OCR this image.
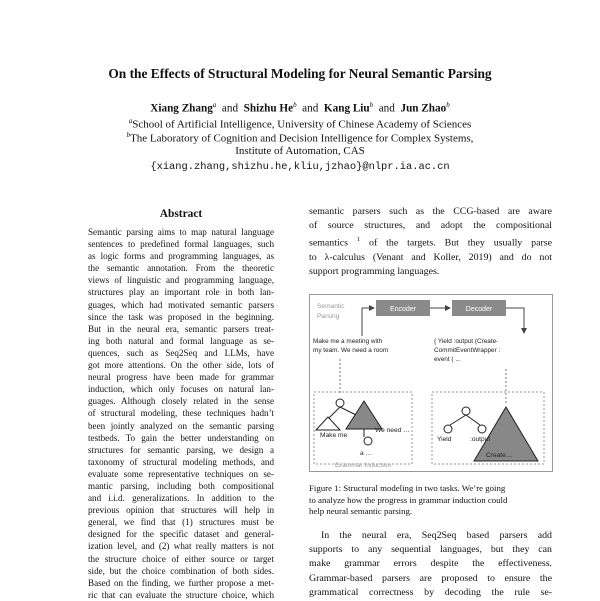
On the Effects of Structural Modeling for Neural Semantic Parsing
Xiang Zhang$^a$ and Shizhu He$^b$ and Kang Liu$^b$ and Jun Zhao$^b$
$^a$School of Artificial Intelligence, University of Chinese Academy of Sciences
$^b$The Laboratory of Cognition and Decision Intelligence for Complex Systems,
Institute of Automation, CAS
{xiang.zhang,shizhu.he,kliu,jzhao}@nlpr.ia.ac.cn
Abstract
Semantic parsing aims to map natural language
sentences to predefined formal languages, such
as logic forms and programming languages, as
the semantic annotation. From the theoretic
views of linguistic and programming language,
structures play an important role in both lan-
guages, which had motivated semantic parsers
since the task was proposed in the beginning.
But in the neural era, semantic parsers treat-
ing both natural and formal language as se-
quences, such as Seq2Seq and LLMs, have
got more attentions. On the other side, lots of
neural progress have been made for grammar
induction, which only focuses on natural lan-
guages. Although closely related in the sense
of structural modeling, these techniques hadn’t
been jointly analyzed on the semantic parsing
testbeds. To gain the better understanding on
structures for semantic parsing, we design a
taxonomy of structural modeling methods, and
evaluate some representative techniques on se-
mantic parsing, including both compositional
and i.i.d. generalizations. In addition to the
previous opinion that structures will help in
general, we find that (1) structures must be
designed for the specific dataset and general-
ization level, and (2) what really matters is not
the structure choice of either source or target
side, but the choice combination of both sides.
Based on the finding, we further propose a met-
ric that can evaluate the structure choice, which
semantic parsers such as the CCG-based are aware
of source structures, and adopt the compositional
semantics $^1$ of the targets. But they usually parse
to λ-calculus (Venant and Koller, 2019) and do not
support programming languages.
Semantic
Parsing
Encoder	Decoder
Make me a meeting with
my team. We need a room
{ Yield :output (Create-
CommitEventWrapper :
event ( ...
Grammar Induction
Make me
We need …
a …
Yield	:output
Create…
Figure 1: Structural modeling in two tasks. We’re going
to analyze how the progress in grammar induction could
help neural semantic parsing.
In the neural era, Seq2Seq based parsers add
supports to any sequential languages, but they can
make grammar errors despite the effectiveness.
Grammar-based parsers are proposed to ensure the
grammatical correctness by decoding the rule se-
